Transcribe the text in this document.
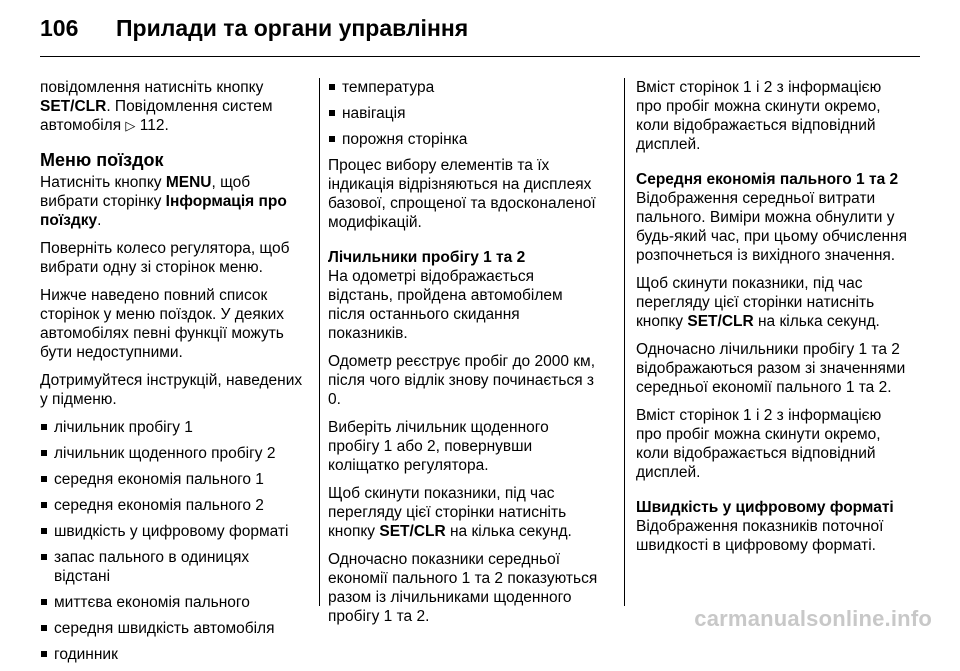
106 Прилади та органи управління

повідомлення натисніть кнопку
SET/CLR. Повідомлення систем автомобіля ▷ 112.

Меню поїздок

Натисніть кнопку MENU, щоб вибрати сторінку Інформація про поїздку.

Поверніть колесо регулятора, щоб вибрати одну зі сторінок меню.

Нижче наведено повний список сторінок у меню поїздок. У деяких автомобілях певні функції можуть бути недоступними.

Дотримуйтеся інструкцій, наведених у підменю.

лічильник пробігу 1
лічильник щоденного пробігу 2
середня економія пального 1
середня економія пального 2
швидкість у цифровому форматі
запас пального в одиницях відстані
миттєва економія пального
середня швидкість автомобіля
годинник
температура
навігація
порожня сторінка

Процес вибору елементів та їх індикація відрізняються на дисплеях базової, спрощеної та вдосконаленої модифікацій.

Лічильники пробігу 1 та 2

На одометрі відображається відстань, пройдена автомобілем після останнього скидання показників.

Одометр реєструє пробіг до 2000 км, після чого відлік знову починається з 0.

Виберіть лічильник щоденного пробігу 1 або 2, повернувши коліщатко регулятора.

Щоб скинути показники, під час перегляду цієї сторінки натисніть кнопку SET/CLR на кілька секунд.

Одночасно показники середньої економії пального 1 та 2 показуються разом із лічильниками щоденного пробігу 1 та 2.

Вміст сторінок 1 і 2 з інформацією про пробіг можна скинути окремо, коли відображається відповідний дисплей.

Середня економія пального 1 та 2

Відображення середньої витрати пального. Виміри можна обнулити у будь-який час, при цьому обчислення розпочнеться із вихідного значення.

Щоб скинути показники, під час перегляду цієї сторінки натисніть кнопку SET/CLR на кілька секунд.

Одночасно лічильники пробігу 1 та 2 відображаються разом зі значеннями середньої економії пального 1 та 2.

Вміст сторінок 1 і 2 з інформацією про пробіг можна скинути окремо, коли відображається відповідний дисплей.

Швидкість у цифровому форматі

Відображення показників поточної швидкості в цифровому форматі.

carmanualsonline.info
